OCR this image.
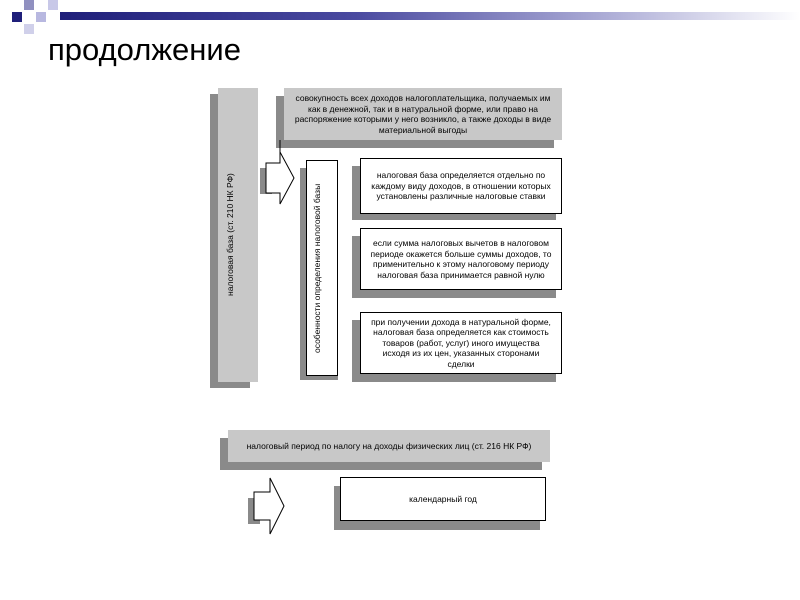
продолжение
налоговая база (ст. 210 НК РФ)
совокупность всех доходов налогоплательщика, получаемых им как в денежной, так и в натуральной форме, или право на распоряжение которыми у него возникло, а также доходы в виде материальной выгоды
особенности определения налоговой базы
налоговая база определяется отдельно по каждому виду доходов, в отношении которых установлены различные налоговые ставки
если сумма налоговых вычетов в налоговом периоде окажется больше суммы доходов, то применительно к этому налоговому периоду налоговая база принимается равной нулю
при получении дохода в натуральной форме, налоговая база определяется как стоимость товаров (работ, услуг) иного имущества исходя из их цен, указанных сторонами сделки
налоговый период по налогу на доходы физических лиц (ст. 216 НК РФ)
календарный год
